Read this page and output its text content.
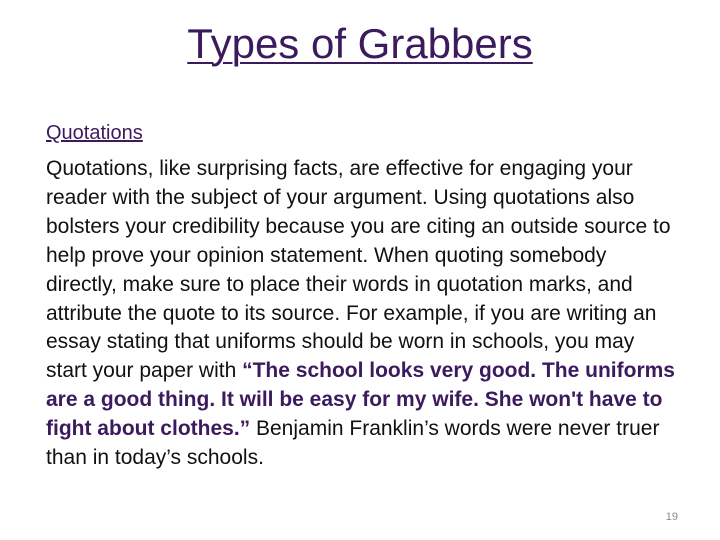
Types of Grabbers
Quotations

Quotations, like surprising facts, are effective for engaging your reader with the subject of your argument. Using quotations also bolsters your credibility because you are citing an outside source to help prove your opinion statement. When quoting somebody directly, make sure to place their words in quotation marks, and attribute the quote to its source. For example, if you are writing an essay stating that uniforms should be worn in schools, you may start your paper with “The school looks very good. The uniforms are a good thing. It will be easy for my wife. She won't have to fight about clothes.” Benjamin Franklin’s words were never truer than in today’s schools.

19
